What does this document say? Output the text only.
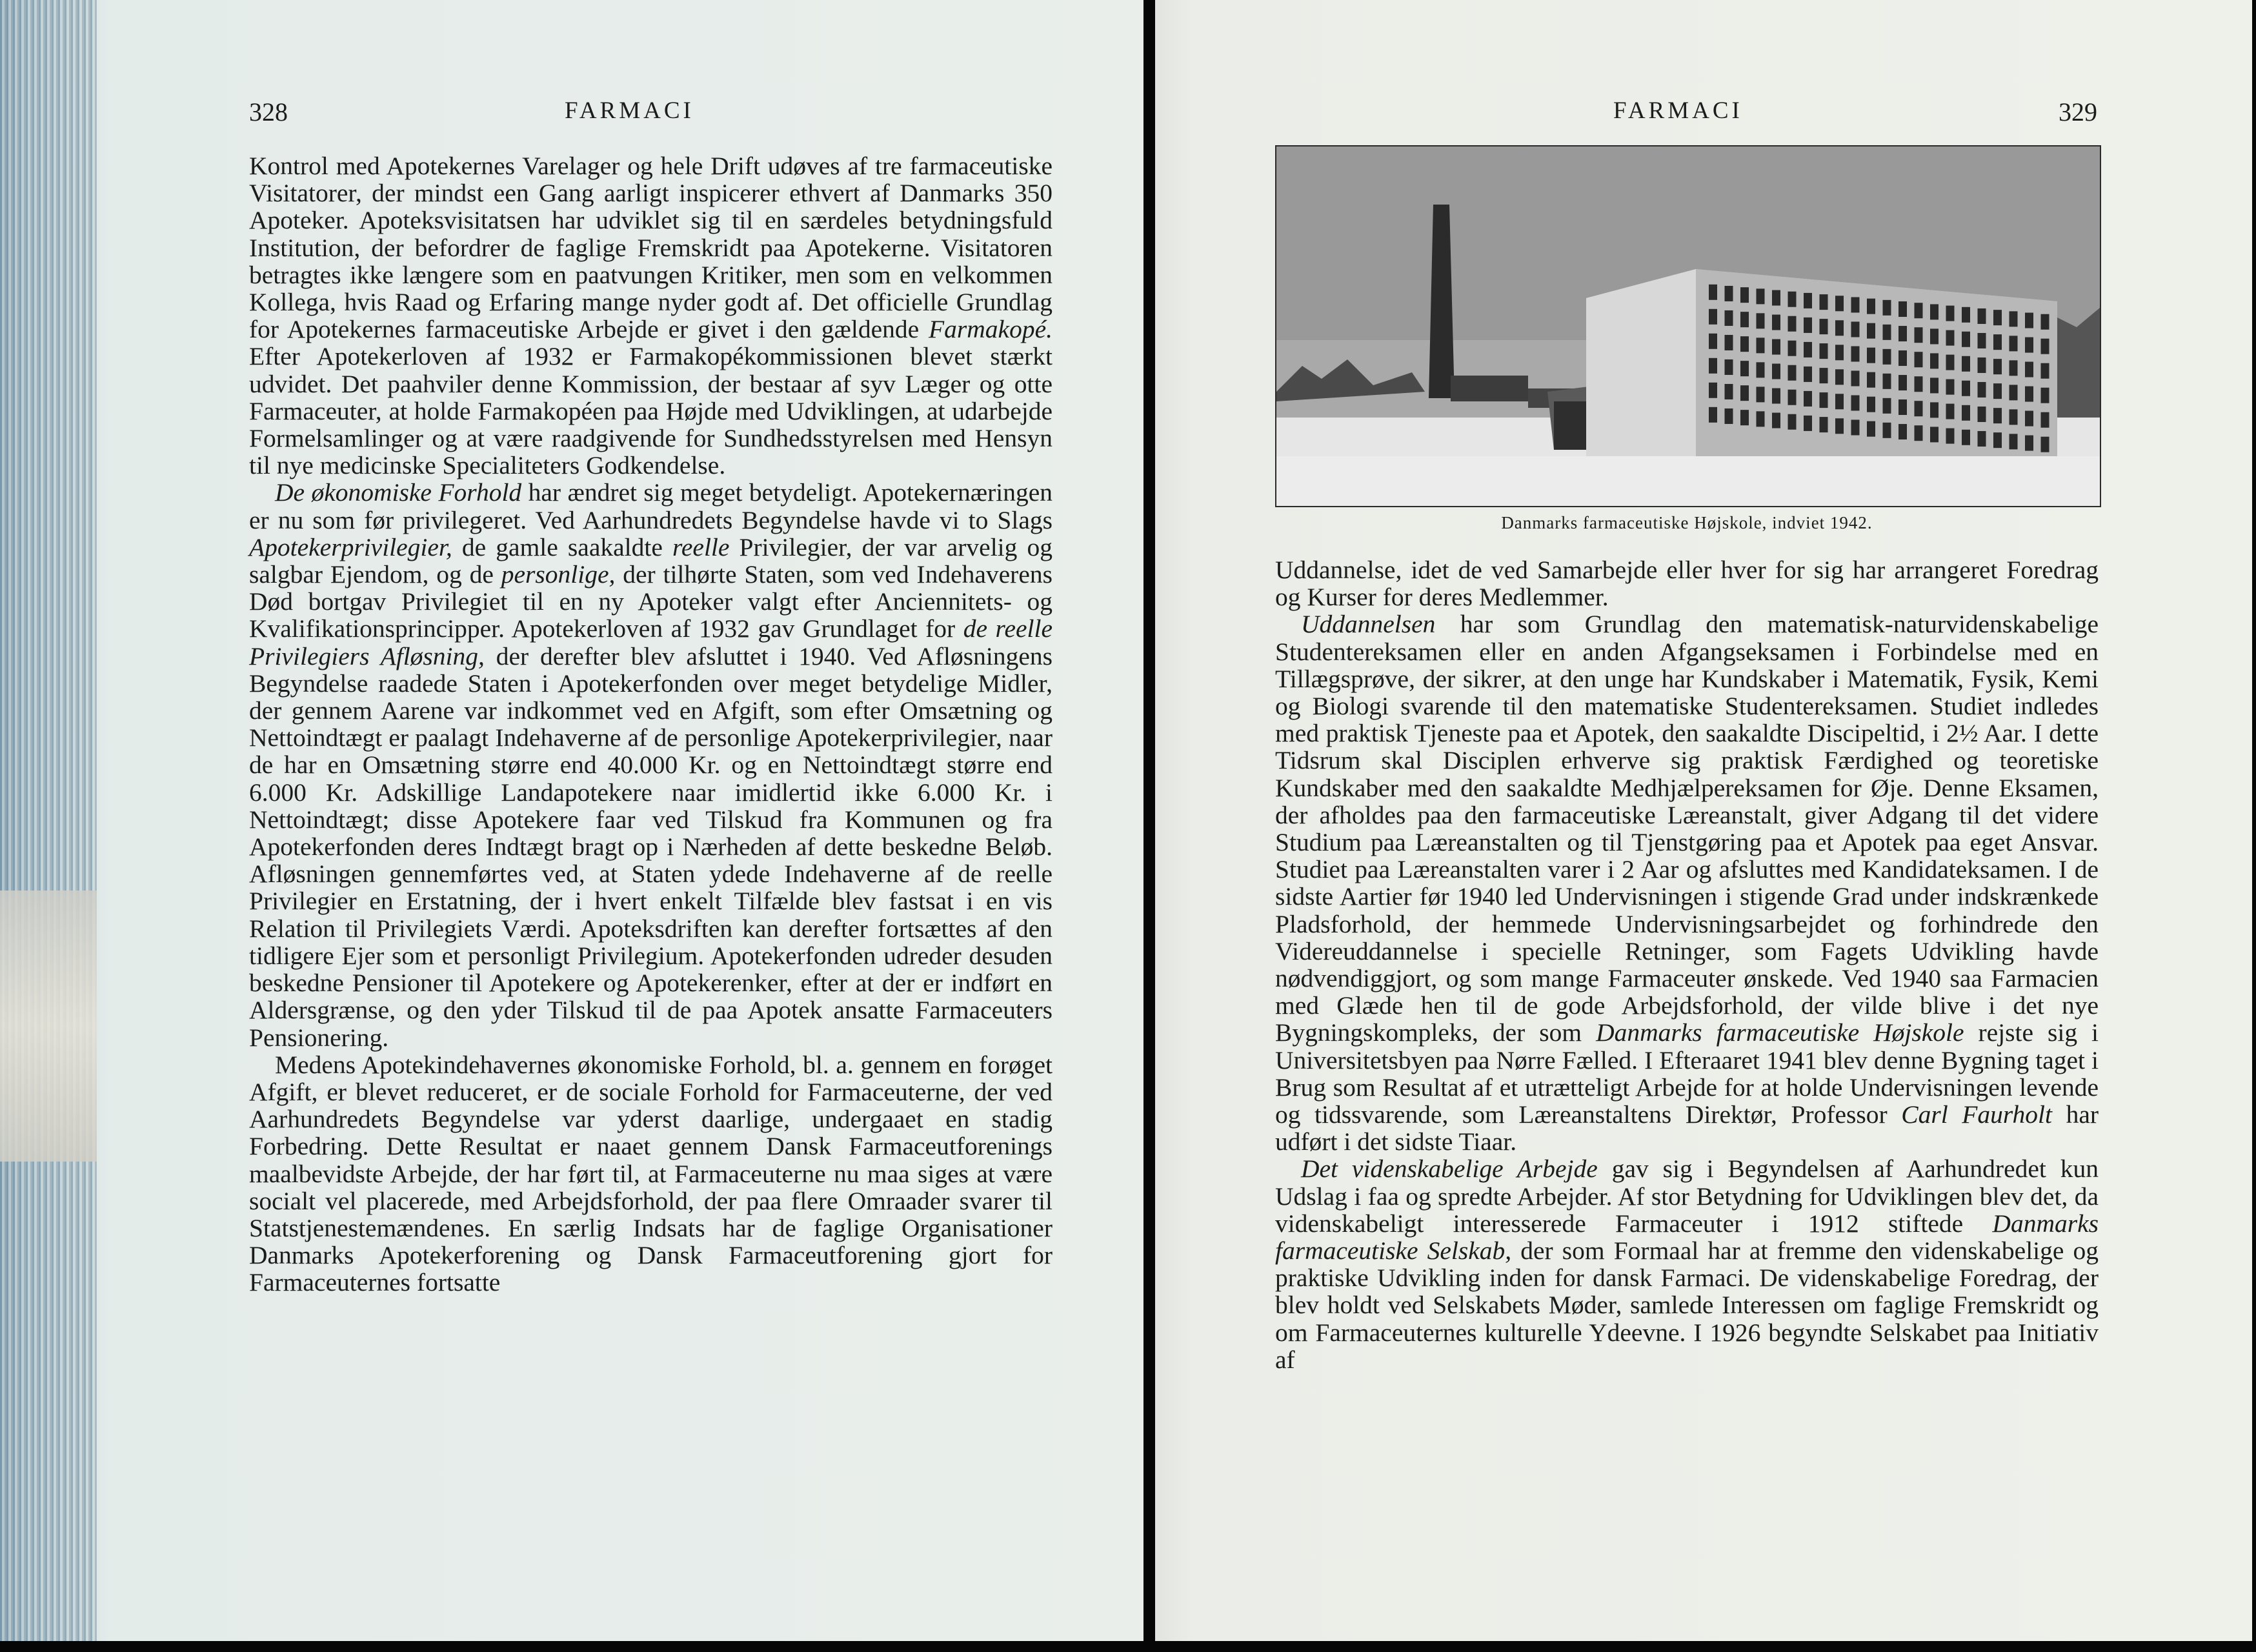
328	FARMACI

Kontrol med Apotekernes Varelager og hele Drift udøves af tre farmaceutiske Visitatorer, der mindst een Gang aarligt inspicerer ethvert af Danmarks 350 Apoteker. Apoteksvisitatsen har udviklet sig til en særdeles betydningsfuld Institution, der befordrer de faglige Fremskridt paa Apotekerne. Visitatoren betragtes ikke længere som en paatvungen Kritiker, men som en velkommen Kollega, hvis Raad og Erfaring mange nyder godt af. Det officielle Grundlag for Apotekernes farmaceutiske Arbejde er givet i den gældende Farmakopé. Efter Apotekerloven af 1932 er Farmakopékommissionen blevet stærkt udvidet. Det paahviler denne Kommission, der bestaar af syv Læger og otte Farmaceuter, at holde Farmakopéen paa Højde med Udviklingen, at udarbejde Formelsamlinger og at være raadgivende for Sundhedsstyrelsen med Hensyn til nye medicinske Specialiteters Godkendelse.

De økonomiske Forhold har ændret sig meget betydeligt. Apotekernæringen er nu som før privilegeret. Ved Aarhundredets Begyndelse havde vi to Slags Apotekerprivilegier, de gamle saakaldte reelle Privilegier, der var arvelig og salgbar Ejendom, og de personlige, der tilhørte Staten, som ved Indehaverens Død bortgav Privilegiet til en ny Apoteker valgt efter Anciennitets- og Kvalifikationsprincipper. Apotekerloven af 1932 gav Grundlaget for de reelle Privilegiers Afløsning, der derefter blev afsluttet i 1940. Ved Afløsningens Begyndelse raadede Staten i Apotekerfonden over meget betydelige Midler, der gennem Aarene var indkommet ved en Afgift, som efter Omsætning og Nettoindtægt er paalagt Indehaverne af de personlige Apotekerprivilegier, naar de har en Omsætning større end 40.000 Kr. og en Nettoindtægt større end 6.000 Kr. Adskillige Landapotekere naar imidlertid ikke 6.000 Kr. i Nettoindtægt; disse Apotekere faar ved Tilskud fra Kommunen og fra Apotekerfonden deres Indtægt bragt op i Nærheden af dette beskedne Beløb. Afløsningen gennemførtes ved, at Staten ydede Indehaverne af de reelle Privilegier en Erstatning, der i hvert enkelt Tilfælde blev fastsat i en vis Relation til Privilegiets Værdi. Apoteksdriften kan derefter fortsættes af den tidligere Ejer som et personligt Privilegium. Apotekerfonden udreder desuden beskedne Pensioner til Apotekere og Apotekerenker, efter at der er indført en Aldersgrænse, og den yder Tilskud til de paa Apotek ansatte Farmaceuters Pensionering.

Medens Apotekindehavernes økonomiske Forhold, bl. a. gennem en forøget Afgift, er blevet reduceret, er de sociale Forhold for Farmaceuterne, der ved Aarhundredets Begyndelse var yderst daarlige, undergaaet en stadig Forbedring. Dette Resultat er naaet gennem Dansk Farmaceutforenings maalbevidste Arbejde, der har ført til, at Farmaceuterne nu maa siges at være socialt vel placerede, med Arbejdsforhold, der paa flere Omraader svarer til Statstjenestemændenes. En særlig Indsats har de faglige Organisationer Danmarks Apotekerforening og Dansk Farmaceutforening gjort for Farmaceuternes fortsatte

FARMACI	329
Danmarks farmaceutiske Højskole, indviet 1942.

Uddannelse, idet de ved Samarbejde eller hver for sig har arrangeret Foredrag og Kurser for deres Medlemmer.

Uddannelsen har som Grundlag den matematisk-naturvidenskabelige Studentereksamen eller en anden Afgangseksamen i Forbindelse med en Tillægsprøve, der sikrer, at den unge har Kundskaber i Matematik, Fysik, Kemi og Biologi svarende til den matematiske Studentereksamen. Studiet indledes med praktisk Tjeneste paa et Apotek, den saakaldte Discipeltid, i 2½ Aar. I dette Tidsrum skal Disciplen erhverve sig praktisk Færdighed og teoretiske Kundskaber med den saakaldte Medhjælpereksamen for Øje. Denne Eksamen, der afholdes paa den farmaceutiske Læreanstalt, giver Adgang til det videre Studium paa Læreanstalten og til Tjenstgøring paa et Apotek paa eget Ansvar. Studiet paa Læreanstalten varer i 2 Aar og afsluttes med Kandidateksamen. I de sidste Aartier før 1940 led Undervisningen i stigende Grad under indskrænkede Pladsforhold, der hemmede Undervisningsarbejdet og forhindrede den Videreuddannelse i specielle Retninger, som Fagets Udvikling havde nødvendiggjort, og som mange Farmaceuter ønskede. Ved 1940 saa Farmacien med Glæde hen til de gode Arbejdsforhold, der vilde blive i det nye Bygningskompleks, der som Danmarks farmaceutiske Højskole rejste sig i Universitetsbyen paa Nørre Fælled. I Efteraaret 1941 blev denne Bygning taget i Brug som Resultat af et utrætteligt Arbejde for at holde Undervisningen levende og tidssvarende, som Læreanstaltens Direktør, Professor Carl Faurholt har udført i det sidste Tiaar.

Det videnskabelige Arbejde gav sig i Begyndelsen af Aarhundredet kun Udslag i faa og spredte Arbejder. Af stor Betydning for Udviklingen blev det, da videnskabeligt interesserede Farmaceuter i 1912 stiftede Danmarks farmaceutiske Selskab, der som Formaal har at fremme den videnskabelige og praktiske Udvikling inden for dansk Farmaci. De videnskabelige Foredrag, der blev holdt ved Selskabets Møder, samlede Interessen om faglige Fremskridt og om Farmaceuternes kulturelle Ydeevne. I 1926 begyndte Selskabet paa Initiativ af
